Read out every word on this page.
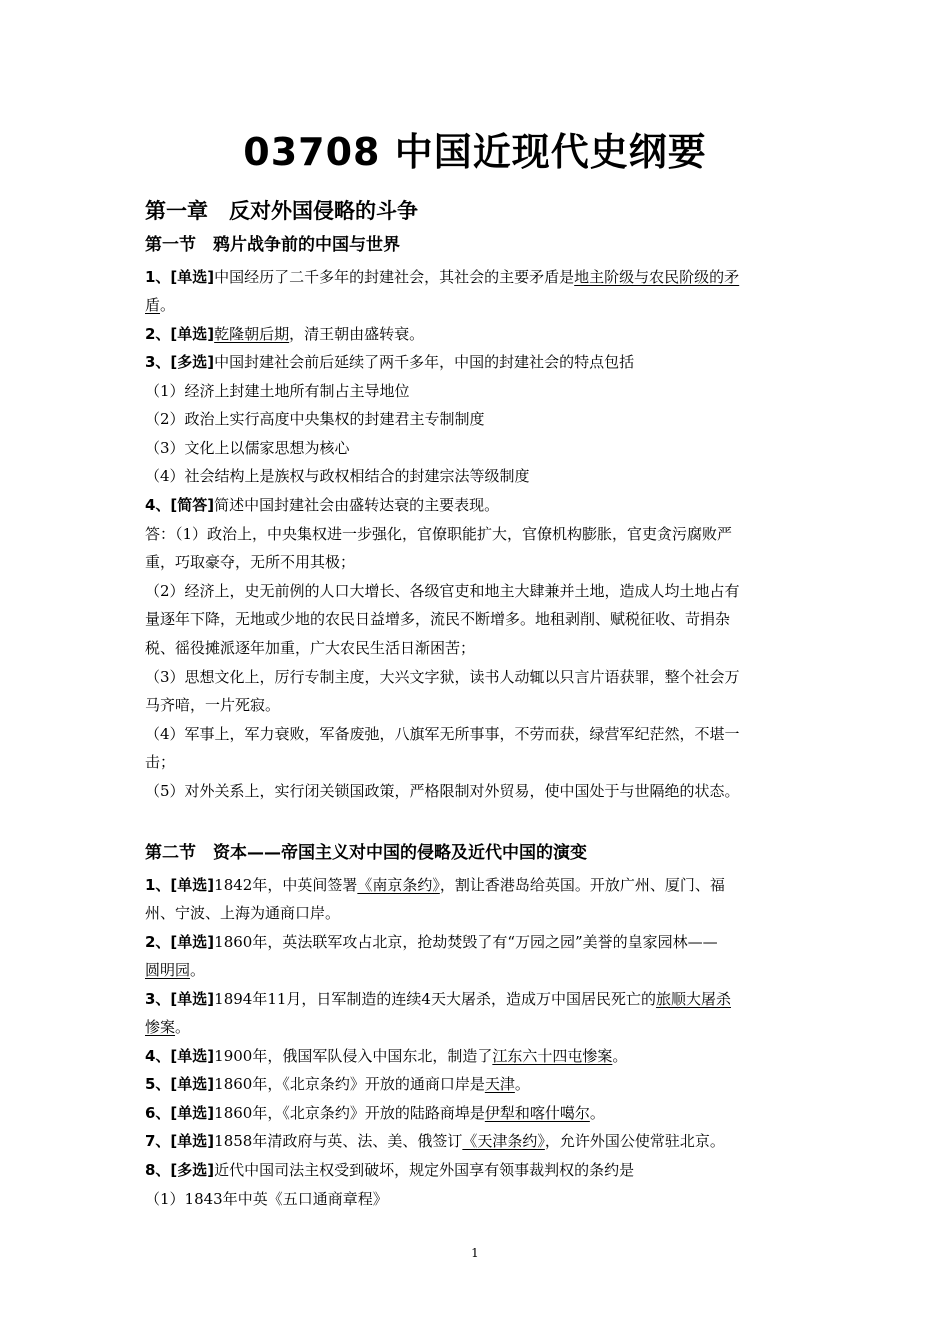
03708 中国近现代史纲要
第一章　反对外国侵略的斗争
第一节　鸦片战争前的中国与世界
1、[单选]中国经历了二千多年的封建社会，其社会的主要矛盾是地主阶级与农民阶级的矛
盾。
2、[单选]乾隆朝后期，清王朝由盛转衰。
3、[多选]中国封建社会前后延续了两千多年，中国的封建社会的特点包括
（1）经济上封建土地所有制占主导地位
（2）政治上实行高度中央集权的封建君主专制制度
（3）文化上以儒家思想为核心
（4）社会结构上是族权与政权相结合的封建宗法等级制度
4、[简答]简述中国封建社会由盛转达衰的主要表现。
答：（1）政治上，中央集权进一步强化，官僚职能扩大，官僚机构膨胀，官吏贪污腐败严
重，巧取豪夺，无所不用其极；
（2）经济上，史无前例的人口大增长、各级官吏和地主大肆兼并土地，造成人均土地占有
量逐年下降，无地或少地的农民日益增多，流民不断增多。地租剥削、赋税征收、苛捐杂
税、徭役摊派逐年加重，广大农民生活日渐困苦；
（3）思想文化上，厉行专制主度，大兴文字狱，读书人动辄以只言片语获罪，整个社会万
马齐喑，一片死寂。
（4）军事上，军力衰败，军备废弛，八旗军无所事事，不劳而获，绿营军纪茫然，不堪一
击；
（5）对外关系上，实行闭关锁国政策，严格限制对外贸易，使中国处于与世隔绝的状态。
第二节　资本——帝国主义对中国的侵略及近代中国的演变
1、[单选]1842年，中英间签署《南京条约》，割让香港岛给英国。开放广州、厦门、福
州、宁波、上海为通商口岸。
2、[单选]1860年，英法联军攻占北京，抢劫焚毁了有“万园之园”美誉的皇家园林——
圆明园。
3、[单选]1894年11月，日军制造的连续4天大屠杀，造成万中国居民死亡的旅顺大屠杀
惨案。
4、[单选]1900年，俄国军队侵入中国东北，制造了江东六十四屯惨案。
5、[单选]1860年，《北京条约》开放的通商口岸是天津。
6、[单选]1860年，《北京条约》开放的陆路商埠是伊犁和喀什噶尔。
7、[单选]1858年清政府与英、法、美、俄签订《天津条约》，允许外国公使常驻北京。
8、[多选]近代中国司法主权受到破坏，规定外国享有领事裁判权的条约是
（1）1843年中英《五口通商章程》
1
